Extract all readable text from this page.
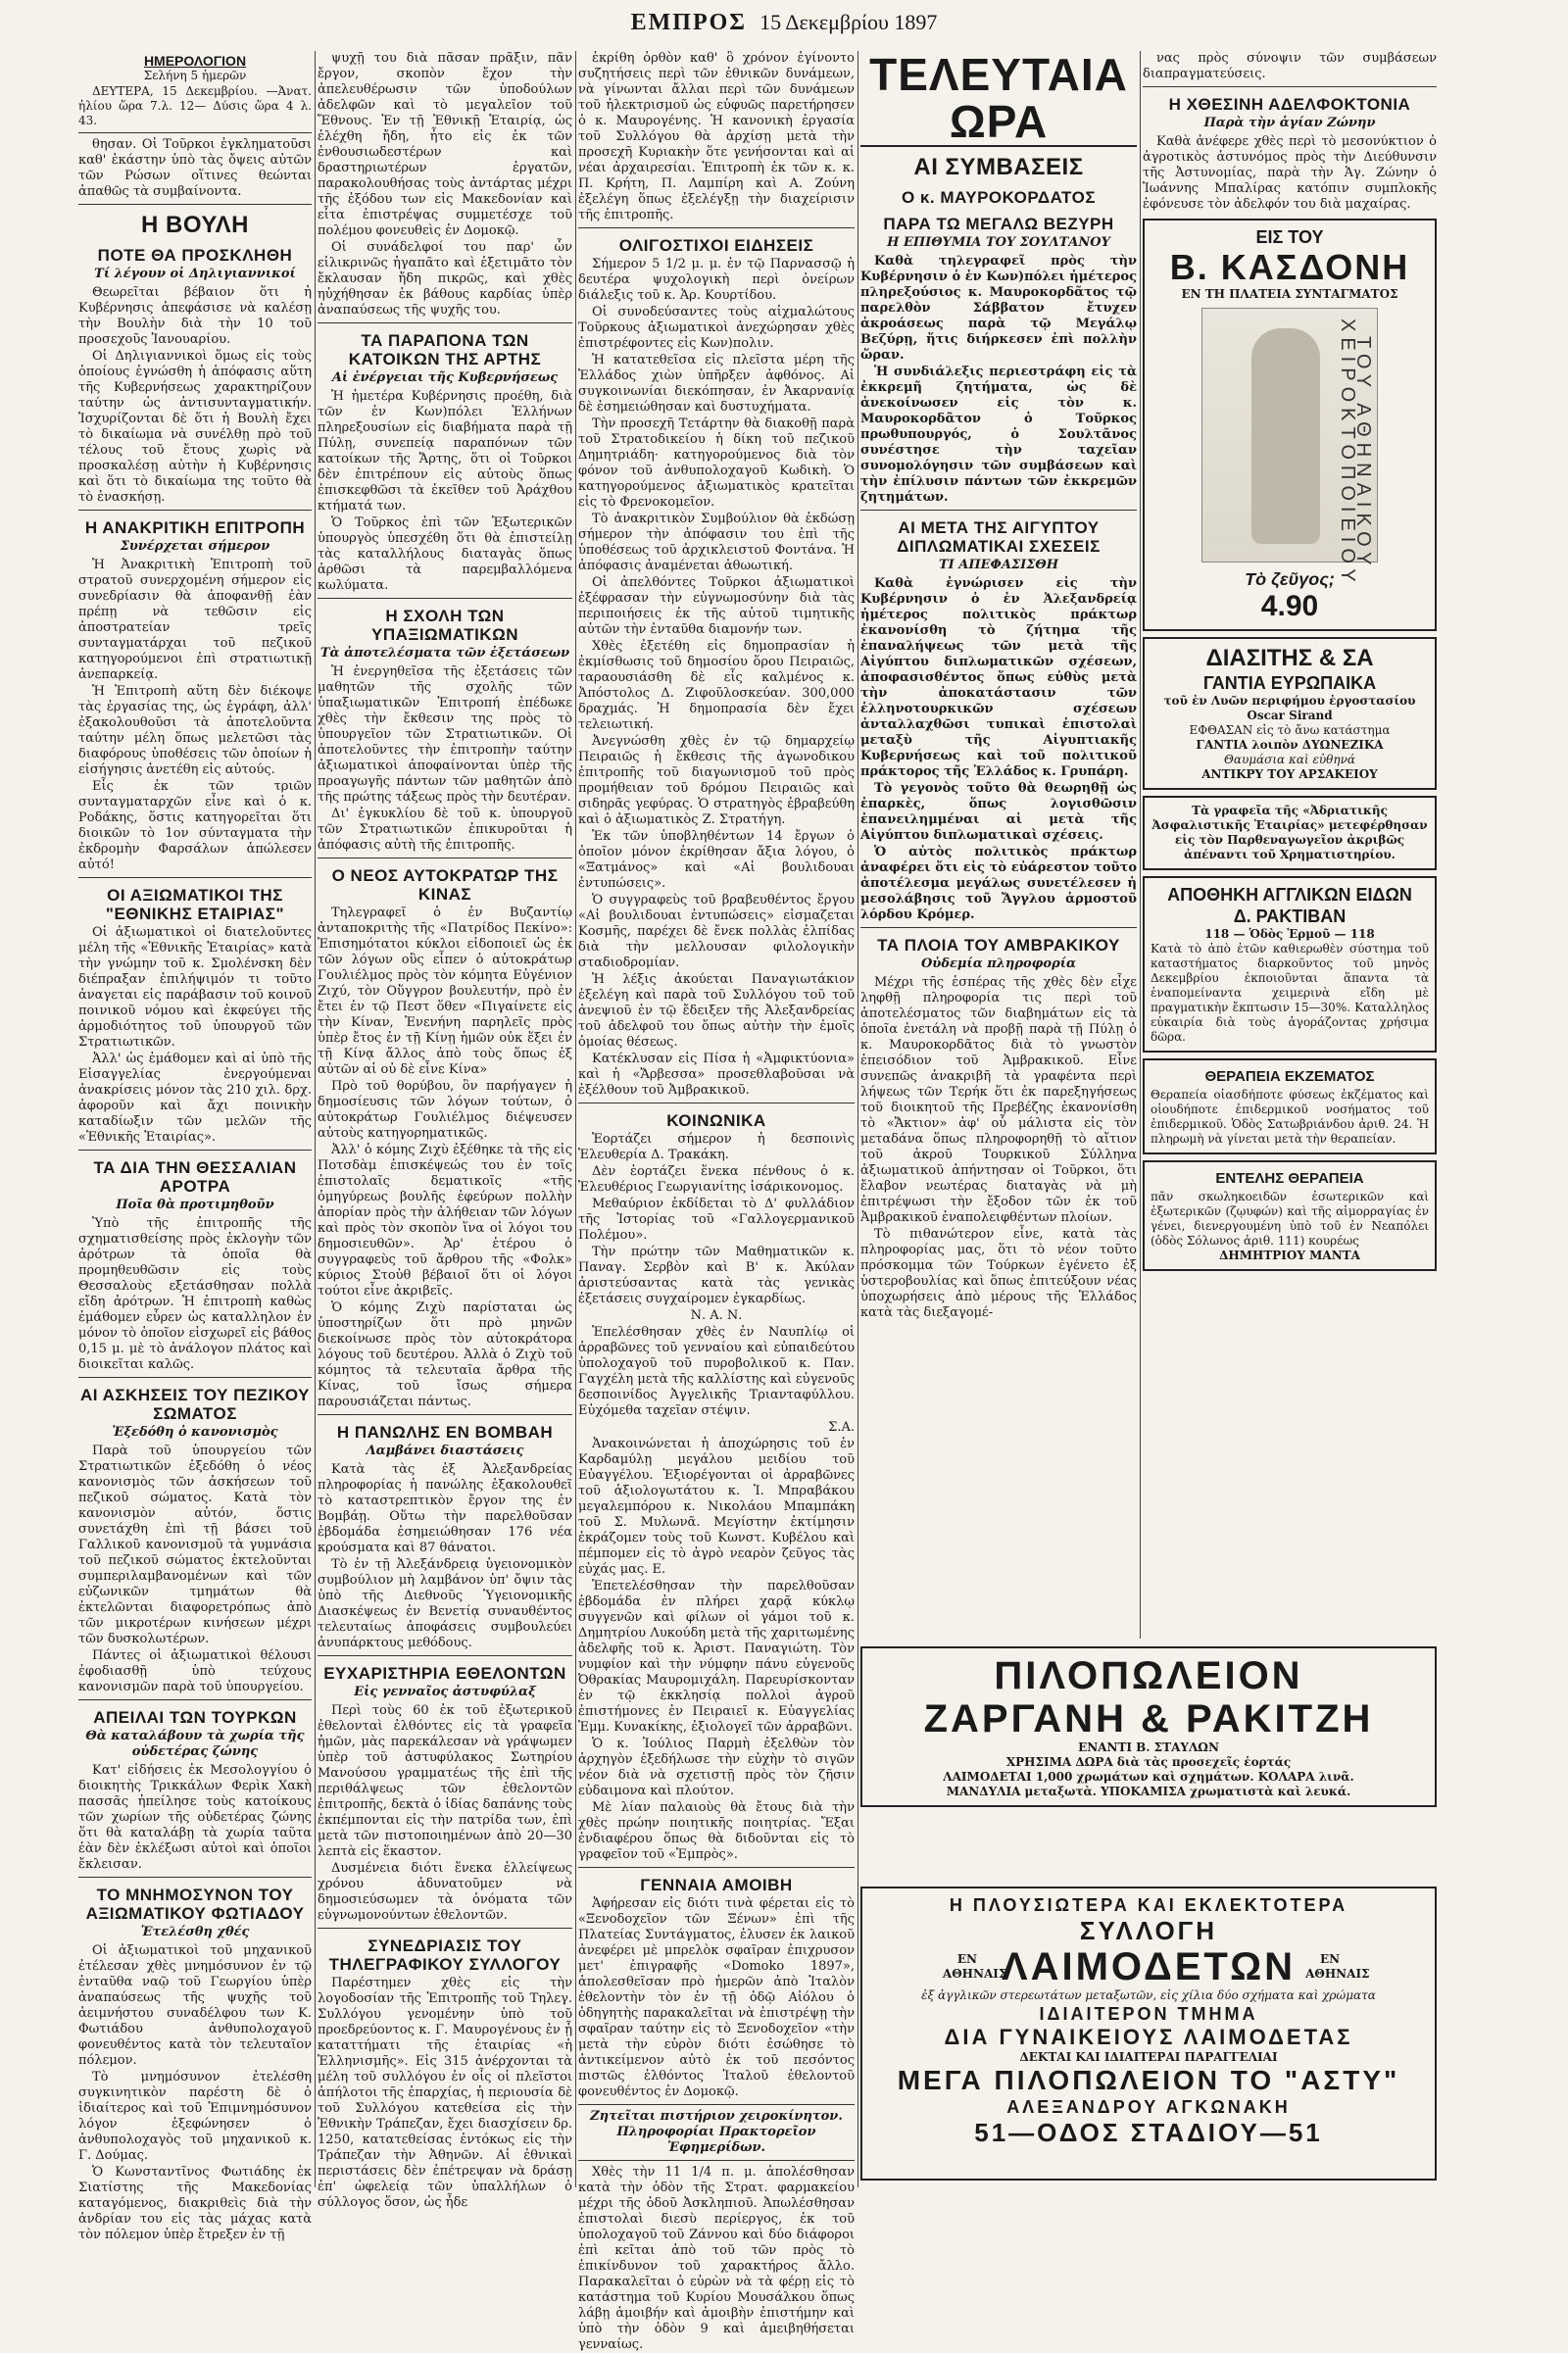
ΕΜΠΡΟΣ 15 Δεκεμβρίου 1897
ΗΜΕΡΟΛΟΓΙΟΝ

Σελήνη 5 ἡμερῶν

ΔΕΥΤΕΡΑ, 15 Δεκεμβρίου. —Ἀνατ. ἡλίου ὥρα 7.λ. 12— Δύσις ὥρα 4 λ. 43.

θησαν. Οἱ Τοῦρκοι ἐγκληματοῦσι καθ' ἑκάστην ὑπὸ τὰς ὄψεις αὐτῶν τῶν Ρώσων οἵτινες θεώνται ἀπαθῶς τὰ συμβαίνοντα.

Η ΒΟΥΛΗ
ΠΟΤΕ ΘΑ ΠΡΟΣΚΛΗΘΗ
Τί λέγουν οἱ Δηλιγιαννικοί

Θεωρεῖται βέβαιον ὅτι ἡ Κυβέρνησις ἀπεφάσισε νὰ καλέσῃ τὴν Βουλὴν διὰ τὴν 10 τοῦ προσεχοῦς Ἰανουαρίου.

Οἱ Δηλιγιαννικοὶ ὅμως εἰς τοὺς ὁποίους ἐγνώσθη ἡ ἀπόφασις αὕτη τῆς Κυβερνήσεως χαρακτηρίζουν ταύτην ὡς ἀντισυνταγματικήν. Ἰσχυρίζονται δὲ ὅτι ἡ Βουλὴ ἔχει τὸ δικαίωμα νὰ συνέλθῃ πρὸ τοῦ τέλους τοῦ ἔτους χωρὶς νὰ προσκαλέσῃ αὐτὴν ἡ Κυβέρνησις καὶ ὅτι τὸ δικαίωμα της τοῦτο θὰ τὸ ἐνασκήσῃ.

Η ΑΝΑΚΡΙΤΙΚΗ ΕΠΙΤΡΟΠΗ
Συνέρχεται σήμερον

Ἡ Ἀνακριτικὴ Ἐπιτροπὴ τοῦ στρατοῦ συνερχομένη σήμερον εἰς συνεδρίασιν θὰ ἀποφανθῇ ἐὰν πρέπῃ νὰ τεθῶσιν εἰς ἀποστρατείαν τρεῖς συνταγματάρχαι τοῦ πεζικοῦ κατηγορούμενοι ἐπὶ στρατιωτικῇ ἀνεπαρκείᾳ.

Ἡ Ἐπιτροπὴ αὕτη δὲν διέκοψε τὰς ἐργασίας της, ὡς ἐγράφη, ἀλλ' ἐξακολουθοῦσι τὰ ἀποτελοῦντα ταύτην μέλη ὅπως μελετῶσι τὰς διαφόρους ὑποθέσεις τῶν ὁποίων ἡ εἰσήγησις ἀνετέθη εἰς αὐτούς.

Εἷς ἐκ τῶν τριῶν συνταγματαρχῶν εἶνε καὶ ὁ κ. Ροδάκης, ὅστις κατηγορεῖται ὅτι διοικῶν τὸ 1ον σύνταγματα τὴν ἐκδρομὴν Φαρσάλων ἀπώλεσεν αὐτό!

ΟΙ ΑΞΙΩΜΑΤΙΚΟΙ ΤΗΣ "ΕΘΝΙΚΗΣ ΕΤΑΙΡΙΑΣ"

Οἱ ἀξιωματικοὶ οἱ διατελοῦντες μέλη τῆς «Ἐθνικῆς Ἑταιρίας» κατὰ τὴν γνώμην τοῦ κ. Σμολένσκη δὲν διέπραξαν ἐπιλήψιμόν τι τοῦτο ἀναγεται εἰς παράβασιν τοῦ κοινοῦ ποινικοῦ νόμου καὶ ἐκφεύγει τῆς ἁρμοδιότητος τοῦ ὑπουργοῦ τῶν Στρατιωτικῶν.

Ἀλλ' ὡς ἐμάθομεν καὶ αἱ ὑπὸ τῆς Εἰσαγγελίας ἐνεργούμεναι ἀνακρίσεις μόνον τὰς 210 χιλ. δρχ. ἀφοροῦν καὶ ἄχι ποινικὴν καταδίωξιν τῶν μελῶν τῆς «Ἐθνικῆς Ἑταιρίας».

ΤΑ ΔΙΑ ΤΗΝ ΘΕΣΣΑΛΙΑΝ ΑΡΟΤΡΑ
Ποῖα θὰ προτιμηθοῦν

Ὑπὸ τῆς ἐπιτροπῆς τῆς σχηματισθείσης πρὸς ἐκλογὴν τῶν ἀρότρων τὰ ὁποῖα θὰ προμηθευθῶσιν εἰς τοὺς Θεσσαλοὺς εξετάσθησαν πολλὰ εἴδη ἀρότρων. Ἡ ἐπιτροπὴ καθὼς ἐμάθομεν εὗρεν ὡς καταλληλον ἐν μόνον τὸ ὁποῖον εἰσχωρεῖ εἰς βάθος 0,15 μ. μὲ τὸ ἀνάλογον πλάτος καὶ διοικεῖται καλῶς.

ΑΙ ΑΣΚΗΣΕΙΣ ΤΟΥ ΠΕΖΙΚΟΥ ΣΩΜΑΤΟΣ
Ἐξεδόθη ὁ κανονισμὸς

Παρὰ τοῦ ὑπουργείου τῶν Στρατιωτικῶν ἐξεδόθη ὁ νέος κανονισμὸς τῶν ἀσκήσεων τοῦ πεζικοῦ σώματος. Κατὰ τὸν κανονισμὸν αὐτόν, ὅστις συνετάχθη ἐπὶ τῇ βάσει τοῦ Γαλλικοῦ κανονισμοῦ τὰ γυμνάσια τοῦ πεζικοῦ σώματος ἐκτελοῦνται συμπεριλαμβανομένων καὶ τῶν εὐζωνικῶν τμημάτων θὰ ἐκτελῶνται διαφορετρόπως ἀπὸ τῶν μικροτέρων κινήσεων μέχρι τῶν δυσκολωτέρων.

Πάντες οἱ ἀξιωματικοὶ θέλουσι ἐφοδιασθῇ ὑπὸ τεύχους κανονισμῶν παρὰ τοῦ ὑπουργείου.

ΑΠΕΙΛΑΙ ΤΩΝ ΤΟΥΡΚΩΝ
Θὰ καταλάβουν τὰ χωρία τῆς οὐδετέρας ζώνης

Κατ' εἰδήσεις ἐκ Μεσολογγίου ὁ διοικητὴς Τρικκάλων Φερὶκ Χακὴ πασσᾶς ἠπείλησε τοὺς κατοίκους τῶν χωρίων τῆς οὐδετέρας ζώνης ὅτι θὰ καταλάβῃ τὰ χωρία ταῦτα ἐὰν δὲν ἐκλέξωσι αὐτοὶ καὶ ὁποῖοι ἔκλεισαν.

ΤΟ ΜΝΗΜΟΣΥΝΟΝ ΤΟΥ ΑΞΙΩΜΑΤΙΚΟΥ ΦΩΤΙΑΔΟΥ
Ἐτελέσθη χθές

Οἱ ἀξιωματικοὶ τοῦ μηχανικοῦ ἐτέλεσαν χθὲς μνημόσυνον ἐν τῷ ἐνταῦθα ναῷ τοῦ Γεωργίου ὑπὲρ ἀναπαύσεως τῆς ψυχῆς τοῦ ἀειμνήστου συναδέλφου των Κ. Φωτιάδου ἀνθυπολοχαγοῦ φονευθέντος κατὰ τὸν τελευταῖον πόλεμον.

Τὸ μνημόσυνον ἐτελέσθη συγκινητικὸν παρέστη δὲ ὁ ἰδιαίτερος καὶ τοῦ Ἐπιμνημόσυνον λόγον ἐξεφώνησεν ὁ ἀνθυπολοχαγὸς τοῦ μηχανικοῦ κ. Γ. Δούμας.

Ὁ Κωνσταντῖνος Φωτιάδης ἐκ Σιατίστης τῆς Μακεδονίας καταγόμενος, διακριθεὶς διὰ τὴν ἀνδρίαν του εἰς τὰς μάχας κατὰ τὸν πόλεμον ὑπὲρ ἔτρεξεν ἐν τῇ

ψυχῇ του διὰ πᾶσαν πρᾶξιν, πᾶν ἔργον, σκοπὸν ἔχον τὴν ἀπελευθέρωσιν τῶν ὑποδούλων ἀδελφῶν καὶ τὸ μεγαλεῖον τοῦ Ἔθνους. Ἐν τῇ Ἐθνικῇ Ἑταιρίᾳ, ὡς ἐλέχθη ἤδη, ἦτο εἰς ἐκ τῶν ἐνθουσιωδεστέρων καὶ δραστηριωτέρων ἐργατῶν, παρακολουθήσας τοὺς ἀντάρτας μέχρι τῆς ἐξόδου των εἰς Μακεδονίαν καὶ εἶτα ἐπιστρέψας συμμετέσχε τοῦ πολέμου φονευθεὶς ἐν Δομοκῷ.

Οἱ συνάδελφοί του παρ' ὧν εἰλικρινῶς ἠγαπᾶτο καὶ ἐξετιμᾶτο τὸν ἔκλαυσαν ἤδη πικρῶς, καὶ χθὲς ηὐχήθησαν ἐκ βάθους καρδίας ὑπὲρ ἀναπαύσεως τῆς ψυχῆς του.

ΤΑ ΠΑΡΑΠΟΝΑ ΤΩΝ ΚΑΤΟΙΚΩΝ ΤΗΣ ΑΡΤΗΣ
Αἱ ἐνέργειαι τῆς Κυβερνήσεως

Ἡ ἡμετέρα Κυβέρνησις προέθη, διὰ τῶν ἐν Κων)πόλει Ἑλλήνων πληρεξουσίων εἰς διαβήματα παρὰ τῇ Πύλῃ, συνεπείᾳ παραπόνων τῶν κατοίκων τῆς Ἄρτης, ὅτι οἱ Τοῦρκοι δὲν ἐπιτρέπουν εἰς αὐτοὺς ὅπως ἐπισκεφθῶσι τὰ ἐκεῖθεν τοῦ Ἀράχθου κτήματά των.

Ὁ Τοῦρκος ἐπὶ τῶν Ἐξωτερικῶν ὑπουργὸς ὑπεσχέθη ὅτι θὰ ἐπιστείλῃ τὰς καταλλήλους διαταγὰς ὅπως ἀρθῶσι τὰ παρεμβαλλόμενα κωλύματα.

Η ΣΧΟΛΗ ΤΩΝ ΥΠΑΞΙΩΜΑΤΙΚΩΝ
Τὰ ἀποτελέσματα τῶν ἐξετάσεων

Ἡ ἐνεργηθεῖσα τῆς ἐξετάσεις τῶν μαθητῶν τῆς σχολῆς τῶν ὑπαξιωματικῶν Ἑπιτροπή ἐπέδωκε χθὲς τὴν ἔκθεσιν της πρὸς τὸ ὑπουργεῖον τῶν Στρατιωτικῶν. Οἱ ἀποτελοῦντες τὴν ἐπιτροπὴν ταύτην ἀξιωματικοὶ ἀποφαίνονται ὑπὲρ τῆς προαγωγῆς πάντων τῶν μαθητῶν ἀπὸ τῆς πρώτης τάξεως πρὸς τὴν δευτέραν.

Δι' ἐγκυκλίου δὲ τοῦ κ. ὑπουργοῦ τῶν Στρατιωτικῶν ἐπικυροῦται ἡ ἀπόφασις αὐτὴ τῆς ἐπιτροπῆς.

Ο ΝΕΟΣ ΑΥΤΟΚΡΑΤΩΡ ΤΗΣ ΚΙΝΑΣ

Τηλεγραφεῖ ὁ ἐν Βυζαντίῳ ἀνταποκριτὴς τῆς «Πατρίδος Πεκίνο»: Ἐπισημότατοι κύκλοι εἰδοποιεῖ ὡς ἐκ τῶν λόγων οὓς εἶπεν ὁ αὐτοκράτωρ Γουλιέλμος πρὸς τὸν κόμητα Εὐγένιον Ζιχύ, τὸν Οὕγγρον βουλευτήν, πρὸ ἐν ἔτει ἐν τῷ Πεστ ὅθεν «Πιγαίνετε εἰς τὴν Κίναν, Ἐνενήνη παρηλεῖς πρὸς ὑπὲρ ἔτος ἐν τῇ Κίνῃ ἡμῶν οὐκ ἕξει ἐν τῇ Κίνᾳ ἄλλος ἀπὸ τοὺς ὅπως ἐξ αὐτῶν αἱ οὐ δὲ εἶνε Κίνα»

Πρὸ τοῦ θορύβου, ὃν παρήγαγεν ἡ δημοσίευσις τῶν λόγων τούτων, ὁ αὐτοκράτωρ Γουλιέλμος διέψευσεν αὐτοὺς κατηγορηματικῶς.

Ἀλλ' ὁ κόμης Ζιχὺ ἐξέθηκε τὰ τῆς εἰς Ποτσδὰμ ἐπισκέψεώς του ἐν τοῖς ἐπιστολαῖς δεματικοῖς «τῆς ὀμηγύρεως βουλῆς ἐφεύρων πολλὴν ἀπορίαν πρὸς τὴν ἀλήθειαν τῶν λόγων καὶ πρὸς τὸν σκοπὸν ἵνα οἱ λόγοι του δημοσιευθῶν». Ἀρ' ἑτέρου ὁ συγγραφεὺς τοῦ ἄρθρου τῆς «Φολκ» κύριος Στοὐθ βέβαιοῖ ὅτι οἱ λόγοι τούτοι εἶνε ἀκριβεῖς.

Ὁ κόμης Ζιχὺ παρίσταται ὡς ὑποστηρίζων ὅτι πρὸ μηνῶν διεκοίνωσε πρὸς τὸν αὐτοκράτορα λόγους τοῦ δευτέρου. Ἀλλὰ ὁ Ζιχὺ τοῦ κόμητος τὰ τελευταῖα ἄρθρα τῆς Κίνας, τοῦ ἴσως σήμερα παρουσιάζεται πάντως.

Η ΠΑΝΩΛΗΣ ΕΝ ΒΟΜΒΑΗ
Λαμβάνει διαστάσεις

Κατὰ τὰς ἐξ Ἀλεξανδρείας πληροφορίας ἡ πανώλης ἐξακολουθεῖ τὸ καταστρεπτικὸν ἔργον της ἐν Βομβάῃ. Οὕτω τὴν παρελθοῦσαν ἑβδομάδα ἐσημειώθησαν 176 νέα κρούσματα καὶ 87 θάνατοι.

Τὸ ἐν τῇ Ἀλεξάνδρειᾳ ὑγειονομικὸν συμβούλιον μὴ λαμβάνον ὑπ' ὄψιν τὰς ὑπὸ τῆς Διεθνοῦς Ὑγειονομικῆς Διασκέψεως ἐν Βενετίᾳ συναυθέντος τελευταίως ἀποφάσεις συμβουλεύει ἀνυπάρκτους μεθόδους.

ΕΥΧΑΡΙΣΤΗΡΙΑ ΕΘΕΛΟΝΤΩΝ
Εἰς γενναῖος ἀστυφύλαξ

Περὶ τοὺς 60 ἐκ τοῦ ἐξωτερικοῦ ἐθελονταὶ ἐλθόντες εἰς τὰ γραφεῖα ἡμῶν, μὰς παρεκάλεσαν νὰ γράψωμεν ὑπὲρ τοῦ ἀστυφύλακος Σωτηρίου Μανούσου γραμματέως τῆς ἐπὶ τῆς περιθάλψεως τῶν ἐθελοντῶν ἐπιτροπῆς, δεκτὰ ὁ ἰδίας δαπάνης τοὺς ἐκπέμπονται εἰς τὴν πατρίδα των, ἐπὶ μετὰ τῶν πιστοποιημένων ἀπὸ 20—30 λεπτὰ εἰς ἕκαστον.

Δυσμένεια διότι ἕνεκα ἐλλείψεως χρόνου ἀδυνατοῦμεν νὰ δημοσιεύσωμεν τὰ ὀνόματα τῶν εὐγνωμονούντων ἐθελοντῶν.

ΣΥΝΕΔΡΙΑΣΙΣ ΤΟΥ ΤΗΛΕΓΡΑΦΙΚΟΥ ΣΥΛΛΟΓΟΥ

Παρέστημεν χθὲς εἰς τὴν λογοδοσίαν τῆς Ἐπιτροπῆς τοῦ Τηλεγ. Συλλόγου γενομένην ὑπὸ τοῦ προεδρεύοντος κ. Γ. Μαυρογένους ἐν ᾗ καταττήματι τῆς ἑταιρίας «ἡ Ἑλληνισμῆς». Εἰς 315 ἀνέρχονται τὰ μέλη τοῦ συλλόγου ἐν οἷς οἱ πλεῖστοι ἀπήλοτοι τῆς ἐπαρχίας, ἡ περιουσία δὲ τοῦ Συλλόγου κατεθείσα εἰς τὴν Ἐθνικὴν Τράπεζαν, ἔχει διασχίσειν δρ. 1250, κατατεθείσας ἐντόκως εἰς τὴν Τράπεζαν τὴν Ἀθηνῶν. Αἱ ἐθνικαὶ περιστάσεις δὲν ἐπέτρεψαν νὰ δράσῃ ἐπ' ὠφελείᾳ τῶν ὑπαλλήλων ὁ σύλλογος ὅσον, ὡς ἦδε

ἐκρίθη ὀρθὸν καθ' ὃ χρόνον ἐγίνοντο συζητήσεις περὶ τῶν ἐθνικῶν δυνάμεων, νὰ γίνωνται ἄλλαι περὶ τῶν δυνάμεων τοῦ ἠλεκτρισμοῦ ὡς εὐφυῶς παρετήρησεν ὁ κ. Μαυρογένης. Ἡ κανονικὴ ἐργασία τοῦ Συλλόγου θὰ ἀρχίσῃ μετὰ τὴν προσεχῆ Κυριακὴν ὅτε γενήσονται καὶ αἱ νέαι ἀρχαιρεσίαι. Ἐπιτροπὴ ἐκ τῶν κ. κ. Π. Κρήτη, Π. Λαμπίρη καὶ Α. Ζούνη ἐξελέγη ὅπως ἐξελέγξῃ τὴν διαχείρισιν τῆς ἐπιτροπῆς.

ΟΛΙΓΟΣΤΙΧΟΙ ΕΙΔΗΣΕΙΣ

Σήμερον 5 1/2 μ. μ. ἐν τῷ Παρνασσῷ ἡ δευτέρα ψυχολογικὴ περὶ ὀνείρων διάλεξις τοῦ κ. Ἀρ. Κουρτίδου.

Οἱ συνοδεύσαντες τοὺς αἰχμαλώτους Τοῦρκους ἀξιωματικοὶ ἀνεχώρησαν χθὲς ἐπιστρέφοντες εἰς Κων)πολιν.

Ἡ κατατεθεῖσα εἰς πλεῖστα μέρη τῆς Ἑλλάδος χιὼν ὑπῆρξεν ἀφθόνος. Αἱ συγκοινωνίαι διεκόπησαν, ἐν Ἀκαρνανίᾳ δὲ ἐσημειώθησαν καὶ δυστυχήματα.

Τὴν προσεχῆ Τετάρτην θὰ διακοθῇ παρὰ τοῦ Στρατοδικείου ἡ δίκη τοῦ πεζικοῦ Δημητριάδη· κατηγορούμενος διὰ τὸν φόνον τοῦ ἀνθυπολοχαγοῦ Κωδικὴ. Ὁ κατηγορούμενος ἀξιωματικὸς κρατεῖται εἰς τὸ Φρενοκομεῖον.

Τὸ ἀνακριτικὸν Συμβούλιον θὰ ἐκδώσῃ σήμερον τὴν ἀπόφασιν του ἐπὶ τῆς ὑποθέσεως τοῦ ἀρχικλειστοῦ Φοντάνα. Ἡ ἀπόφασις ἀναμένεται ἀθωωτική.

Οἱ ἀπελθόντες Τοῦρκοι ἀξιωματικοὶ ἐξέφρασαν τὴν εὐγνωμοσύνην διὰ τὰς περιποιήσεις ἐκ τῆς αὐτοῦ τιμητικῆς αὐτῶν τὴν ἐνταῦθα διαμονήν των.

Χθὲς ἐξετέθη εἰς δημοπρασίαν ἡ ἐκμίσθωσις τοῦ δημοσίου ὅρου Πειραιῶς, ταραουσιάσθη δὲ εἷς καλμένος κ. Ἀπόστολος Δ. Ζιφοῦλοσκεύαν. 300,000 δραχμάς. Ἡ δημοπρασία δὲν ἔχει τελειωτική.

Ἀνεγνώσθη χθὲς ἐν τῷ δημαρχείῳ Πειραιῶς ἡ ἔκθεσις τῆς ἀγωνοδικου ἐπιτροπῆς τοῦ διαγωνισμοῦ τοῦ πρὸς προμήθειαν τοῦ δρόμου Πειραιῶς καὶ σιδηρᾶς γεφύρας. Ὁ στρατηγὸς ἐβραβεύθη καὶ ὁ ἀξιωματικὸς Ζ. Στρατήγη.

Ἐκ τῶν ὑποβληθέντων 14 ἔργων ὁ ὁποῖον μόνον ἐκρίθησαν ἄξια λόγου, ὁ «Ξατμάνος» καὶ «Αἱ βουλιδουαι ἐντυπώσεις».

Ὁ συγγραφεὺς τοῦ βραβευθέντος ἔργου «Αἱ βουλιδουαι ἐντυπώσεις» εἰσμαζεται Κοσμῆς, παρέχει δὲ ἔνεκ πολλὰς ἐλπίδας διὰ τὴν μελλουσαν φιλολογικὴν σταδιοδρομίαν.

Ἡ λέξις ἀκούεται Παναγιωτάκιον ἐξελέγη καὶ παρὰ τοῦ Συλλόγου τοῦ τοῦ ἀνεψιοῦ ἐν τῷ ἔδειξεν τῆς Ἀλεξανδρείας τοῦ ἀδελφοῦ του ὅπως αὐτὴν τὴν ἐμοῖς ὁμοίας θέσεως.

Κατέκλυσαν εἰς Πίσα ἡ «Ἀμφικτύονια» καὶ ἡ «Ἄρβεσσα» προσεθλαβοῦσαι νὰ ἐξέλθουν τοῦ Ἀμβρακικοῦ.

ΚΟΙΝΩΝΙΚΑ

Ἑορτάζει σήμερον ἡ δεσποινὶς Ἐλευθερία Δ. Τρακάκη.

Δὲν ἑορτάζει ἕνεκα πένθους ὁ κ. Ἐλευθέριος Γεωργιανίτης ἰσάρικονομος.

Μεθαύριον ἐκδίδεται τὸ Δ' φυλλάδιον τῆς Ἱστορίας τοῦ «Γαλλογερμανικοῦ Πολέμου».

Τὴν πρώτην τῶν Μαθηματικῶν κ. Παναγ. Σερβὸν καὶ Β' κ. Ἀκύλαν ἀριστεύσαντας κατὰ τὰς γενικὰς ἐξετάσεις συγχαίρομεν ἐγκαρδίως.

Ν. Α. Ν.

Ἐπελέσθησαν χθὲς ἐν Ναυπλίῳ οἱ ἀρραβῶνες τοῦ γενναίου καὶ εὐπαιδεύτου ὑπολοχαγοῦ τοῦ πυροβολικοῦ κ. Παν. Γαγχέλη μετὰ τῆς καλλίστης καὶ εὐγενοῦς δεσποινίδος Ἀγγελικῆς Τριανταφύλλου. Εὐχόμεθα ταχεῖαν στέψιν.

Σ.Α.

Ἀνακοινώνεται ἡ ἀποχώρησις τοῦ ἐν Καρδαμύλῃ μεγάλου μειδίου τοῦ Εὐαγγέλου. Ἐξιορέγονται οἱ ἀρραβῶνες τοῦ ἀξιολογωτάτου κ. Ἰ. Μπραβάκου μεγαλεμπόρου κ. Νικολάου Μπαμπάκη τοῦ Σ. Μυλωνᾶ. Μεγίστην ἐκτίμησιν ἐκράζομεν τοὺς τοῦ Κωνστ. Κυβέλου καὶ πέμπομεν εἰς τὸ ἀγρὸ νεαρὸν ζεῦγος τὰς εὐχάς μας. Ε.

Ἐπετελέσθησαν τὴν παρελθοῦσαν ἑβδομάδα ἐν πλήρει χαρᾷ κύκλῳ συγγενῶν καὶ φίλων οἱ γάμοι τοῦ κ. Δημητρίου Λυκούδη μετὰ τῆς χαριτωμένης ἀδελφῆς τοῦ κ. Ἀριστ. Παναγιώτη. Τὸν νυμφίον καὶ τὴν νύμφην πάνυ εὐγενοῦς Ὀθρακίας Μαυρομιχάλη. Παρευρίσκονταν ἐν τῷ ἐκκλησίᾳ πολλοὶ ἀγροῦ ἐπιστήμονες ἐν Πειραιεῖ κ. Εὐαγγελίας Ἐμμ. Κυνακίκης, ἐξιολογεῖ τῶν ἀρραβῶνι.

Ὁ κ. Ἰούλιος Παρμὴ ἐξελθὼν τὸν ἀρχηγὸν ἐξεδήλωσε τὴν εὐχὴν τὸ σιγῶν νέον διὰ νὰ σχετιστῇ πρὸς τὸν ζῆσιν εὐδαιμονα καὶ πλούτον.

Μὲ λίαν παλαιοὺς θὰ ἔτους διὰ τὴν χθὲς πρώην ποιητικῆς ποιητρίας. Ἔξαι ἐνδιαφέρου ὅπως θὰ διδοῦνται εἰς τὸ γραφεῖον τοῦ «Ἐμπρὸς».

ΓΕΝΝΑΙΑ ΑΜΟΙΒΗ

Ἀφήρεσαν εἰς διότι τινὰ φέρεται εἰς τὸ «Ξενοδοχεῖον τῶν Ξένων» ἐπὶ τῆς Πλατείας Συντάγματος, ἐλυσεν ἐκ λαικοῦ ἀνεφέρει μὲ μπρελὸκ σφαῖραν ἐπιχρυσον μετ' ἐπιγραφῆς «Domoko 1897», ἀπολεσθεῖσαν πρὸ ἡμερῶν ἀπὸ Ἰταλὸν ἐθελοντὴν τὸν ἐν τῇ ὁδῷ Αἰόλου ὁ ὁδηγητὴς παρακαλεῖται νὰ ἐπιστρέψῃ τὴν σφαῖραν ταύτην εἰς τὸ Ξενοδοχεῖον «τὴν μετὰ τὴν εὐρὸν διότι ἐσώθησε τὸ ἀντικείμενον αὐτὸ ἐκ τοῦ πεσόντος πιστῶς ἐλθόντος Ἰταλοῦ ἐθελοντοῦ φονευθέντος ἐν Δομοκῷ.

Ζητεῖται πιστήριον χειροκίνητον. Πληροφορίαι Πρακτορεῖον Ἐφημερίδων.

Χθὲς τὴν 11 1/4 π. μ. ἀπολέσθησαν κατὰ τὴν ὁδὸν τῆς Στρατ. φαρμακείου μέχρι τῆς ὁδοῦ Ἀσκληπιοῦ. Ἀπωλέσθησαν ἐπιστολαὶ διεσὺ περίεργος, ἐκ τοῦ ὑπολοχαγοῦ τοῦ Ζάννου καὶ δύο διάφοροι ἐπὶ κεῖται ἀπὸ τοῦ τῶν πρὸς τὸ ἐπικίνδυνον τοῦ χαρακτήρος ἄλλο. Παρακαλεῖται ὁ εὑρὼν νὰ τὰ φέρῃ εἰς τὸ κατάστημα τοῦ Κυρίου Μουσάλκου ὅπως λάβῃ ἀμοιβήν καὶ ἀμοιβὴν ἐπιστήμην καὶ ὑπὸ τὴν ὁδὸν 9 καὶ ἀμειβηθήσεται γενναίως.

ΤΕΛΕΥΤΑΙΑ ΩΡΑ
ΑΙ ΣΥΜΒΑΣΕΙΣ
Ο κ. ΜΑΥΡΟΚΟΡΔΑΤΟΣ
ΠΑΡΑ ΤΩ ΜΕΓΑΛΩ ΒΕΖΥΡΗ
Η ΕΠΙΘΥΜΙΑ ΤΟΥ ΣΟΥΛΤΑΝΟΥ

Καθὰ τηλεγραφεῖ πρὸς τὴν Κυβέρνησιν ὁ ἐν Κων)πόλει ἡμέτερος πληρεξούσιος κ. Μαυροκορδᾶτος τῷ παρελθὸν Σάββατον ἔτυχεν ἀκροάσεως παρὰ τῷ Μεγάλῳ Βεζύρῃ, ἥτις διήρκεσεν ἐπὶ πολλὴν ὥραν.

Ἡ συνδιάλεξις περιεστράφη εἰς τὰ ἐκκρεμῆ ζητήματα, ὡς δὲ ἀνεκοίνωσεν εἰς τὸν κ. Μαυροκορδᾶτον ὁ Τοῦρκος πρωθυπουργός, ὁ Σουλτᾶνος συνέστησε τὴν ταχεῖαν συνομολόγησιν τῶν συμβάσεων καὶ τὴν ἐπίλυσιν πάντων τῶν ἐκκρεμῶν ζητημάτων.

ΑΙ ΜΕΤΑ ΤΗΣ ΑΙΓΥΠΤΟΥ ΔΙΠΛΩΜΑΤΙΚΑΙ ΣΧΕΣΕΙΣ
ΤΙ ΑΠΕΦΑΣΙΣΘΗ

Καθὰ ἐγνώρισεν εἰς τὴν Κυβέρνησιν ὁ ἐν Ἀλεξανδρείᾳ ἡμέτερος πολιτικὸς πράκτωρ ἐκανονίσθη τὸ ζήτημα τῆς ἐπαναλήψεως τῶν μετὰ τῆς Αἰγύπτου διπλωματικῶν σχέσεων, ἀποφασισθέντος ὅπως εὐθὺς μετὰ τὴν ἀποκατάστασιν τῶν ἑλληνοτουρκικῶν σχέσεων ἀνταλλαχθῶσι τυπικαὶ ἐπιστολαὶ μεταξὺ τῆς Αἰγυπτιακῆς Κυβερνήσεως καὶ τοῦ πολιτικοῦ πράκτορος τῆς Ἑλλάδος κ. Γρυπάρη.

Τὸ γεγονὸς τοῦτο θὰ θεωρηθῇ ὡς ἐπαρκὲς, ὅπως λογισθῶσιν ἐπανειλημμέναι αἱ μετὰ τῆς Αἰγύπτου διπλωματικαὶ σχέσεις.

Ὁ αὐτὸς πολιτικὸς πράκτωρ ἀναφέρει ὅτι εἰς τὸ εὐάρεστον τοῦτο ἀποτέλεσμα μεγάλως συνετέλεσεν ἡ μεσολάβησις τοῦ Ἄγγλου ἁρμοστοῦ λόρδου Κρόμερ.

ΤΑ ΠΛΟΙΑ ΤΟΥ ΑΜΒΡΑΚΙΚΟΥ
Οὐδεμία πληροφορία

Μέχρι τῆς ἑσπέρας τῆς χθὲς δὲν εἶχε ληφθῇ πληροφορία τις περὶ τοῦ ἀποτελέσματος τῶν διαβημάτων εἰς τὰ ὁποῖα ἐνετάλη νὰ προβῇ παρὰ τῇ Πύλῃ ὁ κ. Μαυροκορδᾶτος διὰ τὸ γνωστὸν ἐπεισόδιον τοῦ Ἀμβρακικοῦ. Εἶνε συνεπῶς ἀνακριβῆ τὰ γραφέντα περὶ λήψεως τῶν Τερήκ ὅτι ἐκ παρεξηγήσεως τοῦ διοικητοῦ τῆς Πρεβέζης ἐκανονίσθη τὸ «Ἄκτιον» ἀφ' οὗ μάλιστα εἰς τὸν μεταδάνα ὅπως πληροφορηθῇ τὸ αἴτιον τοῦ ἀκροῦ Τουρκικοῦ Σύλληνα ἀξιωματικοῦ ἀπήντησαν οἱ Τοῦρκοι, ὅτι ἔλαβον νεωτέρας διαταγὰς νὰ μὴ ἐπιτρέψωσι τὴν ἔξοδον τῶν ἐκ τοῦ Ἀμβρακικοῦ ἐναπολειφθέντων πλοίων.

Τὸ πιθανώτερον εἶνε, κατὰ τὰς πληροφορίας μας, ὅτι τὸ νέον τοῦτο πρόσκομμα τῶν Τούρκων ἐγένετο ἐξ ὑστεροβουλίας καὶ ὅπως ἐπιτεύξουν νέας ὑποχωρήσεις ἀπὸ μέρους τῆς Ἑλλάδος κατὰ τὰς διεξαγομέ-

νας πρὸς σύνοψιν τῶν συμβάσεων διαπραγματεύσεις.

Η ΧΘΕΣΙΝΗ ΑΔΕΛΦΟΚΤΟΝΙΑ
Παρὰ τὴν ἁγίαν Ζώνην

Καθὰ ἀνέφερε χθὲς περὶ τὸ μεσονύκτιον ὁ ἀγροτικὸς ἀστυνόμος πρὸς τὴν Διεύθυνσιν τῆς Ἀστυνομίας, παρὰ τὴν Ἁγ. Ζώνην ὁ Ἰωάννης Μπαλίρας κατόπιν συμπλοκῆς ἐφόνευσε τὸν ἀδελφόν του διὰ μαχαίρας.

ΕΙΣ ΤΟΥ
Β. ΚΑΣΔΟΝΗ
ΕΝ ΤΗ ΠΛΑΤΕΙΑ ΣΥΝΤΑΓΜΑΤΟΣ
ΤΟΥ ΑΘΗΝΑΙΚΟΥ ΧΕΙΡΟΚΤΟΠΟΙΕΙΟΥ
Τὸ ζεῦγος;
4.90
ΔΙΑΣΙΤΗΣ & ΣΑ
ΓΑΝΤΙΑ ΕΥΡΩΠΑΙΚΑ
τοῦ ἐν Λυῶν περιφήμου ἐργοστασίου Oscar Sirand
ΕΦΘΑΣΑΝ εἰς τὸ ἄνω κατάστημα
ΓΑΝΤΙΑ λοιπὸν ΔΥΩΝΕΖΙΚΑ
Θαυμάσια καὶ εὐθηνά
ΑΝΤΙΚΡΥ ΤΟΥ ΑΡΣΑΚΕΙΟΥ
Τὰ γραφεῖα τῆς «Ἀδριατικῆς Ἀσφαλιστικῆς Ἑταιρίας» μετεφέρθησαν εἰς τὸν Παρθεναγωγεῖον ἀκριβῶς ἀπέναντι τοῦ Χρηματιστηρίου.
ΑΠΟΘΗΚΗ ΑΓΓΛΙΚΩΝ ΕΙΔΩΝ
Δ. ΡΑΚΤΙΒΑΝ
118 — Ὁδὸς Ἑρμοῦ — 118
Κατὰ τὸ ἀπὸ ἐτῶν καθιερωθὲν σύστημα τοῦ καταστήματος διαρκοῦντος τοῦ μηνὸς Δεκεμβρίου ἐκποιοῦνται ἅπαντα τὰ ἐναπομείναντα χειμερινὰ εἴδη μὲ πραγματικὴν ἔκπτωσιν 15—30%. Καταλληλος εὐκαιρία διὰ τοὺς ἀγοράζοντας χρήσιμα δῶρα.
ΘΕΡΑΠΕΙΑ ΕΚΖΕΜΑΤΟΣ
Θεραπεία οἱασδήποτε φύσεως ἐκζέματος καὶ οἱουδήποτε ἐπιδερμικοῦ νοσήματος τοῦ ἐπιδερμικοῦ. Ὁδὸς Σατωβριάνδου ἀριθ. 24. Ἡ πληρωμὴ νὰ γίνεται μετὰ τὴν θεραπείαν.
ΕΝΤΕΛΗΣ ΘΕΡΑΠΕΙΑ
πᾶν σκωληκοειδῶν ἐσωτερικῶν καὶ ἐξωτερικῶν (ζῳυφών) καὶ τῆς αἱμορραγίας ἐν γένει, διενεργουμένη ὑπὸ τοῦ ἐν Νεαπόλει (ὁδὸς Σόλωνος ἀριθ. 111) κουρέως
ΔΗΜΗΤΡΙΟΥ ΜΑΝΤΑ
ΠΙΛΟΠΩΛΕΙΟΝ
ΖΑΡΓΑΝΗ & ΡΑΚΙΤΖΗ
ΕΝΑΝΤΙ Β. ΣΤΑΥΛΩΝ
ΧΡΗΣΙΜΑ ΔΩΡΑ διὰ τὰς προσεχεῖς ἑορτάς
ΛΑΙΜΟΔΕΤΑΙ 1,000 χρωμάτων καὶ σχημάτων. ΚΟΛΑΡΑ λινᾶ.
ΜΑΝΔΥΛΙΑ μεταξωτὰ. ΥΠΟΚΑΜΙΣΑ χρωματιστὰ καὶ λευκά.
Η ΠΛΟΥΣΙΩΤΕΡΑ ΚΑΙ ΕΚΛΕΚΤΟΤΕΡΑ
ΣΥΛΛΟΓΗ
ΕΝ ΑΘΗΝΑΙΣ
ΛΑΙΜΟΔΕΤΩΝ	ΕΝ ΑΘΗΝΑΙΣ
ἐξ ἀγγλικῶν στερεωτάτων μεταξωτῶν, εἰς χίλια δύο σχήματα καὶ χρώματα
ΙΔΙΑΙΤΕΡΟΝ ΤΜΗΜΑ
ΔΙΑ ΓΥΝΑΙΚΕΙΟΥΣ ΛΑΙΜΟΔΕΤΑΣ
ΔΕΚΤΑΙ ΚΑΙ ΙΔΙΑΙΤΕΡΑΙ ΠΑΡΑΓΓΕΛΙΑΙ
ΜΕΓΑ ΠΙΛΟΠΩΛΕΙΟΝ ΤΟ "ΑΣΤΥ"
ΑΛΕΞΑΝΔΡΟΥ ΑΓΚΩΝΑΚΗ
51—ΟΔΟΣ ΣΤΑΔΙΟΥ—51
